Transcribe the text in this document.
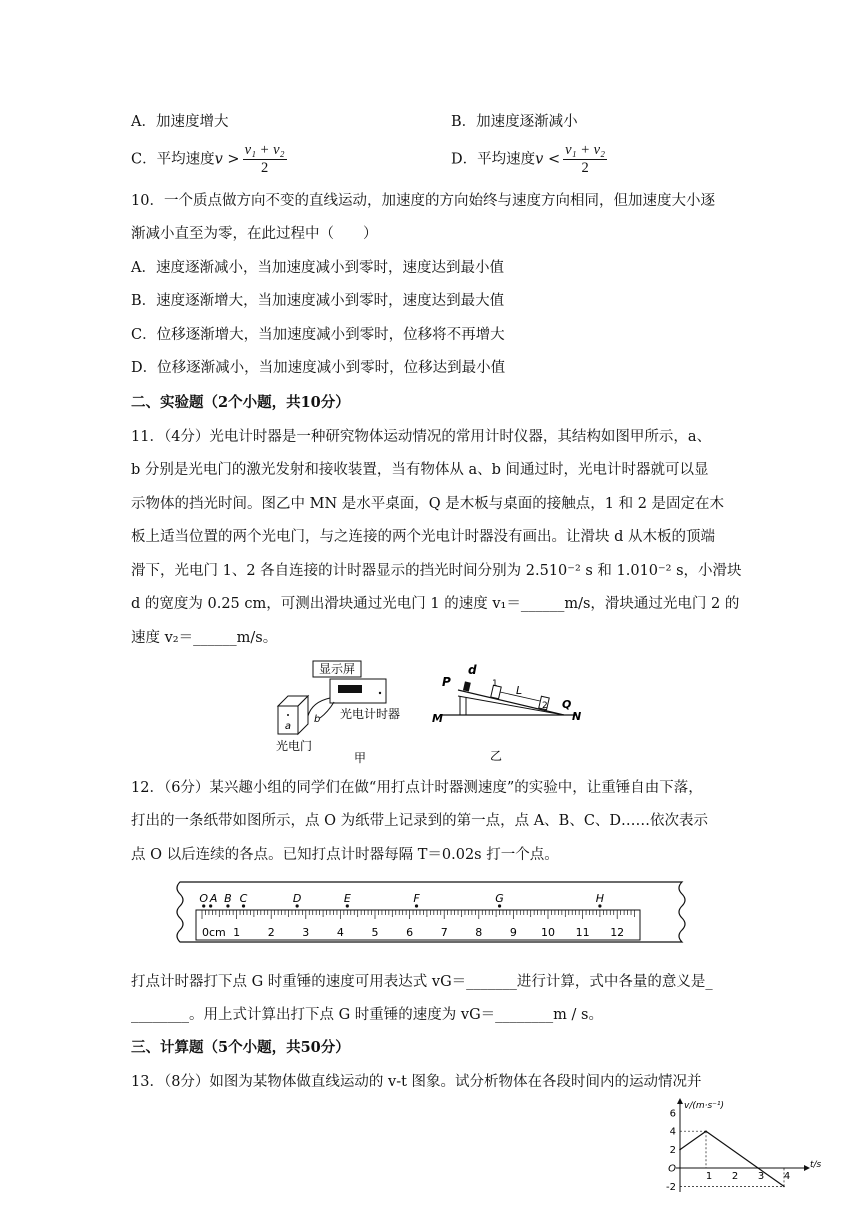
A．加速度增大	B．加速度逐渐减小
C．平均速度$v > \frac{\text{v₁ + v₂}}{2}$	D．平均速度$v < \frac{\text{v₁ + v₂}}{2}$
10．一个质点做方向不变的直线运动，加速度的方向始终与速度方向相同，但加速度大小逐
渐减小直至为零，在此过程中（　　）
A．速度逐渐减小，当加速度减小到零时，速度达到最小值
B．速度逐渐增大，当加速度减小到零时，速度达到最大值
C．位移逐渐增大，当加速度减小到零时，位移将不再增大
D．位移逐渐减小，当加速度减小到零时，位移达到最小值
二、实验题（2个小题，共10分）
11．（4分）光电计时器是一种研究物体运动情况的常用计时仪器，其结构如图甲所示，a、
b 分别是光电门的激光发射和接收装置，当有物体从 a、b 间通过时，光电计时器就可以显
示物体的挡光时间。图乙中 MN 是水平桌面，Q 是木板与桌面的接触点，1 和 2 是固定在木
板上适当位置的两个光电门，与之连接的两个光电计时器没有画出。让滑块 d 从木板的顶端
滑下，光电门 1、2 各自连接的计时器显示的挡光时间分别为 2.510⁻² s 和 1.010⁻² s，小滑块
d 的宽度为 0.25 cm，可测出滑块通过光电门 1 的速度 v₁＝______m/s，滑块通过光电门 2 的
速度 v₂＝______m/s。
显示屏
a
b 光电计时器
光电门
甲
P
d
1 L
2 Q
M	N
乙
12．（6分）某兴趣小组的同学们在做“用打点计时器测速度”的实验中，让重锤自由下落，
打出的一条纸带如图所示，点 O 为纸带上记录到的第一点，点 A、B、C、D……依次表示
点 O 以后连续的各点。已知打点计时器每隔 T＝0.02s 打一个点。
0cm 1	2	3	4	5	6	7	8	9 10 11 12
O A B C	D	E	F	G	H
打点计时器打下点 G 时重锤的速度可用表达式 vG＝_______进行计算，式中各量的意义是_
________。用上式计算出打下点 G 时重锤的速度为 vG＝________m / s。
三、计算题（5个小题，共50分）
13．（8分）如图为某物体做直线运动的 v-t 图象。试分析物体在各段时间内的运动情况并
v/(m·s⁻¹)
t/s
6
4
2
O
-2
1 2 3 4
